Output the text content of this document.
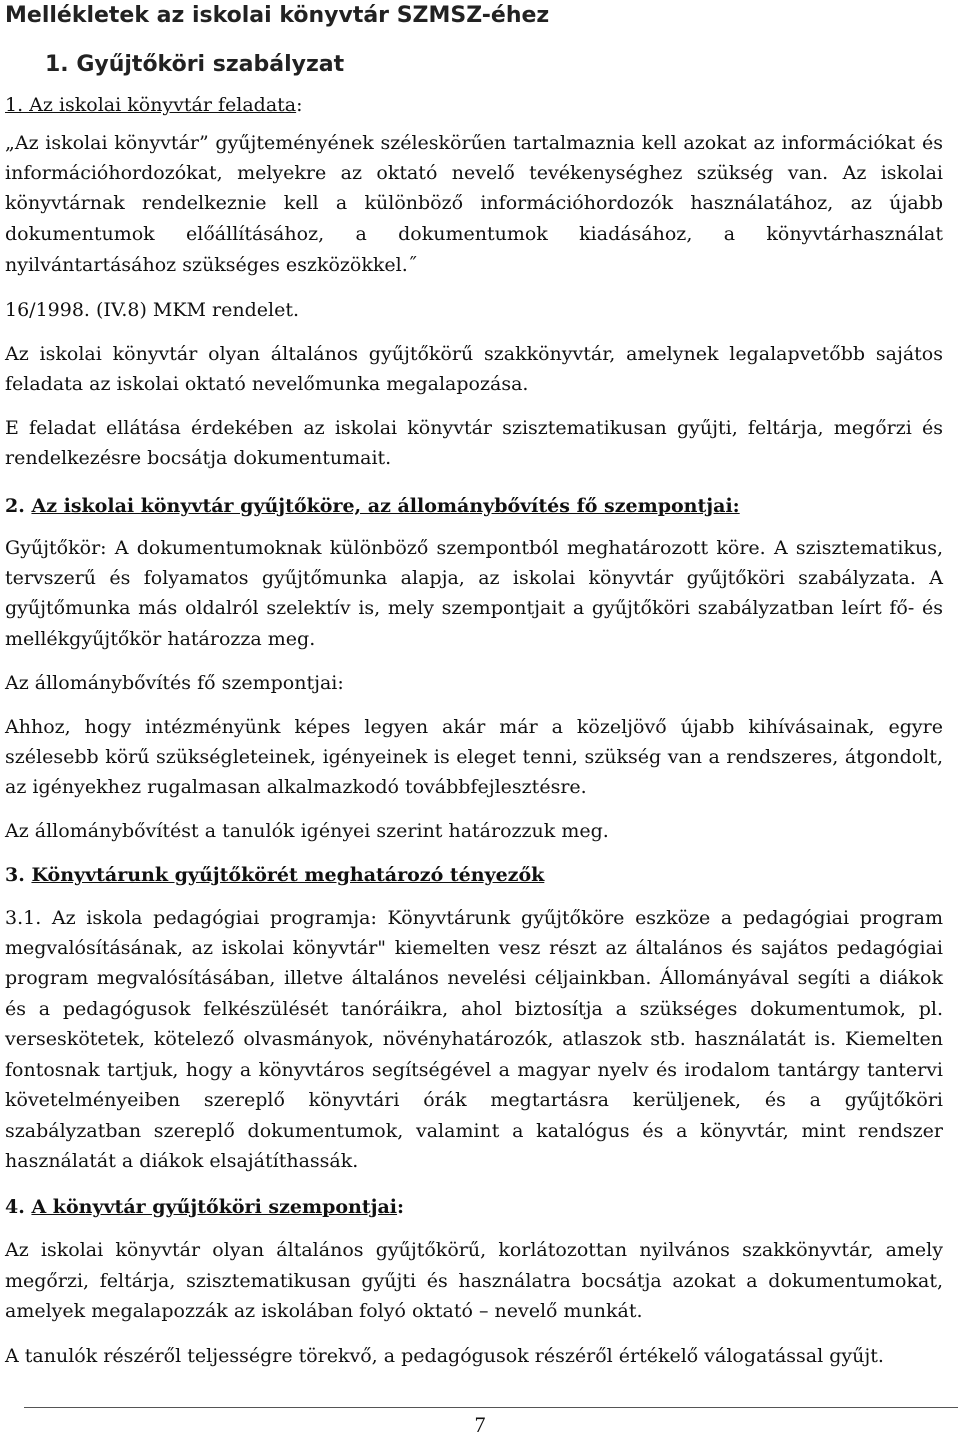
Mellékletek az iskolai könyvtár SZMSZ-éhez
1. Gyűjtőköri szabályzat
1. Az iskolai könyvtár feladata:
„Az iskolai könyvtár” gyűjteményének széleskörűen tartalmaznia kell azokat az információkat és
információhordozókat, melyekre az oktató nevelő tevékenységhez szükség van. Az iskolai
könyvtárnak rendelkeznie kell a különböző információhordozók használatához, az újabb
dokumentumok előállításához, a dokumentumok kiadásához, a könyvtárhasználat
nyilvántartásához szükséges eszközökkel.˝
16/1998. (IV.8) MKM rendelet.
Az iskolai könyvtár olyan általános gyűjtőkörű szakkönyvtár, amelynek legalapvetőbb sajátos
feladata az iskolai oktató nevelőmunka megalapozása.
E feladat ellátása érdekében az iskolai könyvtár szisztematikusan gyűjti, feltárja, megőrzi és
rendelkezésre bocsátja dokumentumait.
2. Az iskolai könyvtár gyűjtőköre, az állománybővítés fő szempontjai:
Gyűjtőkör: A dokumentumoknak különböző szempontból meghatározott köre. A szisztematikus,
tervszerű és folyamatos gyűjtőmunka alapja, az iskolai könyvtár gyűjtőköri szabályzata. A
gyűjtőmunka más oldalról szelektív is, mely szempontjait a gyűjtőköri szabályzatban leírt fő- és
mellékgyűjtőkör határozza meg.
Az állománybővítés fő szempontjai:
Ahhoz, hogy intézményünk képes legyen akár már a közeljövő újabb kihívásainak, egyre
szélesebb körű szükségleteinek, igényeinek is eleget tenni, szükség van a rendszeres, átgondolt,
az igényekhez rugalmasan alkalmazkodó továbbfejlesztésre.
Az állománybővítést a tanulók igényei szerint határozzuk meg.
3. Könyvtárunk gyűjtőkörét meghatározó tényezők
3.1. Az iskola pedagógiai programja: Könyvtárunk gyűjtőköre eszköze a pedagógiai program
megvalósításának, az iskolai könyvtár" kiemelten vesz részt az általános és sajátos pedagógiai
program megvalósításában, illetve általános nevelési céljainkban. Állományával segíti a diákok
és a pedagógusok felkészülését tanóráikra, ahol biztosítja a szükséges dokumentumok, pl.
verseskötetek, kötelező olvasmányok, növényhatározók, atlaszok stb. használatát is. Kiemelten
fontosnak tartjuk, hogy a könyvtáros segítségével a magyar nyelv és irodalom tantárgy tantervi
követelményeiben szereplő könyvtári órák megtartásra kerüljenek, és a gyűjtőköri
szabályzatban szereplő dokumentumok, valamint a katalógus és a könyvtár, mint rendszer
használatát a diákok elsajátíthassák.
4. A könyvtár gyűjtőköri szempontjai:
Az iskolai könyvtár olyan általános gyűjtőkörű, korlátozottan nyilvános szakkönyvtár, amely
megőrzi, feltárja, szisztematikusan gyűjti és használatra bocsátja azokat a dokumentumokat,
amelyek megalapozzák az iskolában folyó oktató – nevelő munkát.
A tanulók részéről teljességre törekvő, a pedagógusok részéről értékelő válogatással gyűjt.
7
